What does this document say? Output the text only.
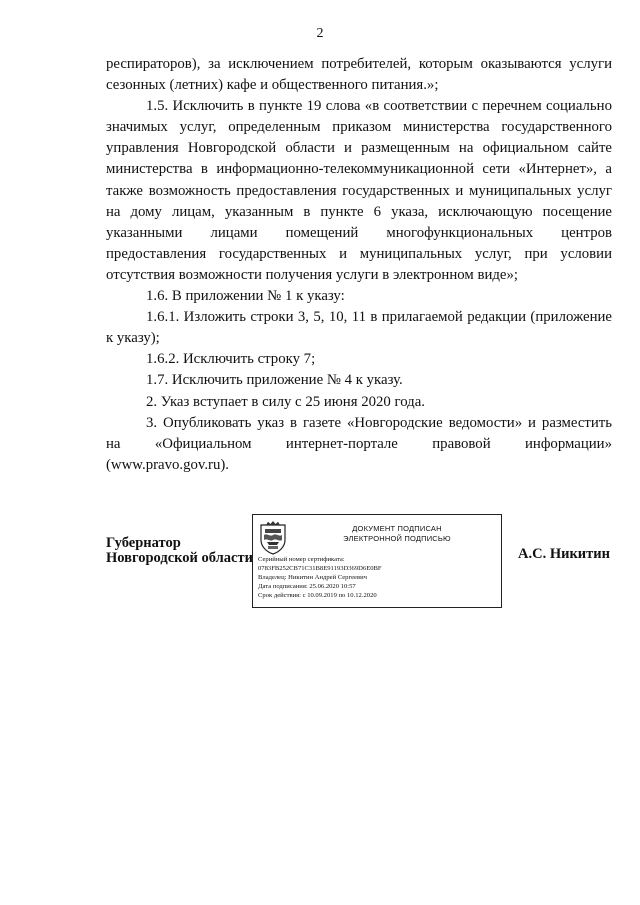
2

респираторов), за исключением потребителей, которым оказываются услуги сезонных (летних) кафе и общественного питания.»;

1.5. Исключить в пункте 19 слова «в соответствии с перечнем социально значимых услуг, определенным приказом министерства государственного управления Новгородской области и размещенным на официальном сайте министерства в информационно-телекоммуникационной сети «Интернет», а также возможность предоставления государственных и муниципальных услуг на дому лицам, указанным в пункте 6 указа, исключающую посещение указанными лицами помещений многофункциональных центров предоставления государственных и муниципальных услуг, при условии отсутствия возможности получения услуги в электронном виде»;

1.6. В приложении № 1 к указу:

1.6.1. Изложить строки 3, 5, 10, 11 в прилагаемой редакции (приложение к указу);

1.6.2. Исключить строку 7;

1.7. Исключить приложение № 4 к указу.

2. Указ вступает в силу с 25 июня 2020 года.

3. Опубликовать указ в газете «Новгородские ведомости» и разместить на «Официальном интернет-портале правовой информации» (www.pravo.gov.ru).

Губернатор
Новгородской области
ДОКУМЕНТ ПОДПИСАН
ЭЛЕКТРОННОЙ ПОДПИСЬЮ
Серийный номер сертификата:
0783FB252CB71C31B8E91193D369D6E0BF
Владелец: Никитин Андрей Сергеевич
Дата подписания: 25.06.2020 10:57
Срок действия: с 10.09.2019 по 10.12.2020
А.С. Никитин
